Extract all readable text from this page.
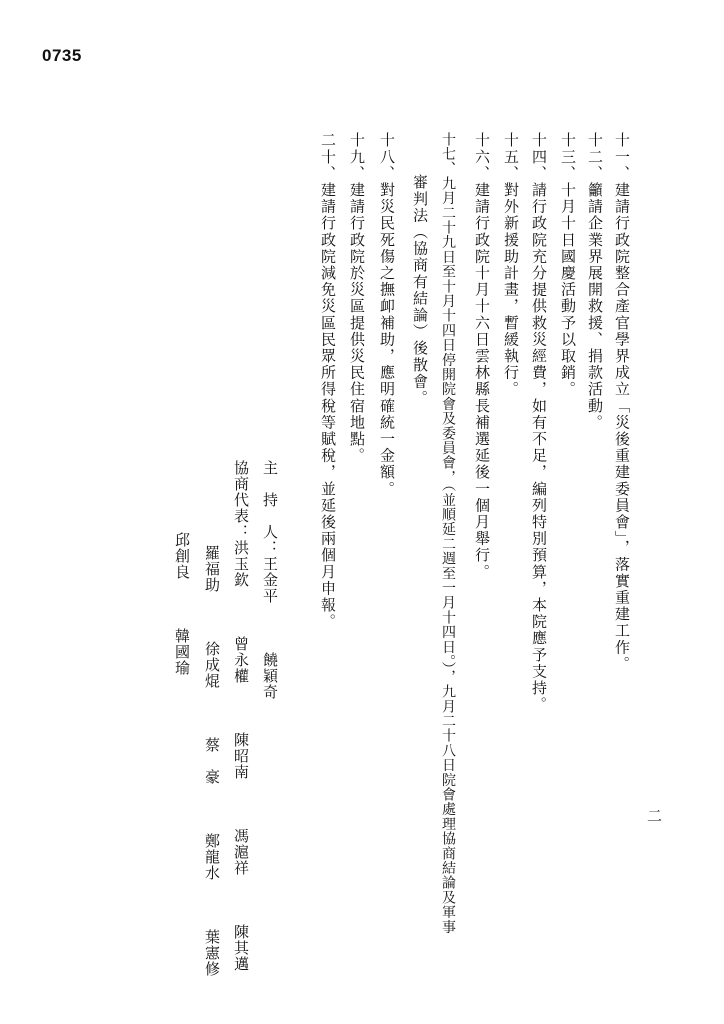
0735
十一、建請行政院整合產官學界成立「災後重建委員會」，落實重建工作。
十二、籲請企業界展開救援、捐款活動。
十三、十月十日國慶活動予以取銷。
十四、請行政院充分提供救災經費，如有不足，編列特別預算，本院應予支持。
十五、對外新援助計畫，暫緩執行。
十六、建請行政院十月十六日雲林縣長補選延後一個月舉行。
十七、九月二十九日至十月十四日停開院會及委員會，（並順延二週至一月十四日。），九月二十八日院會處理協商結論及軍事
審判法（協商有結論）後散會。
十八、對災民死傷之撫卹補助，應明確統一金額。
十九、建請行政院於災區提供災民住宿地點。
二十、建請行政院減免災區民眾所得稅等賦稅，並延後兩個月申報。
主　持　人：王金平　　　饒穎奇
協商代表：洪玉欽　　　曾永權　　　陳昭南　　　馮滬祥　　　陳其邁
羅福助　　　徐成焜　　　蔡　豪　　　鄭龍水　　　葉憲修
邱創良　　　韓國瑜
二
